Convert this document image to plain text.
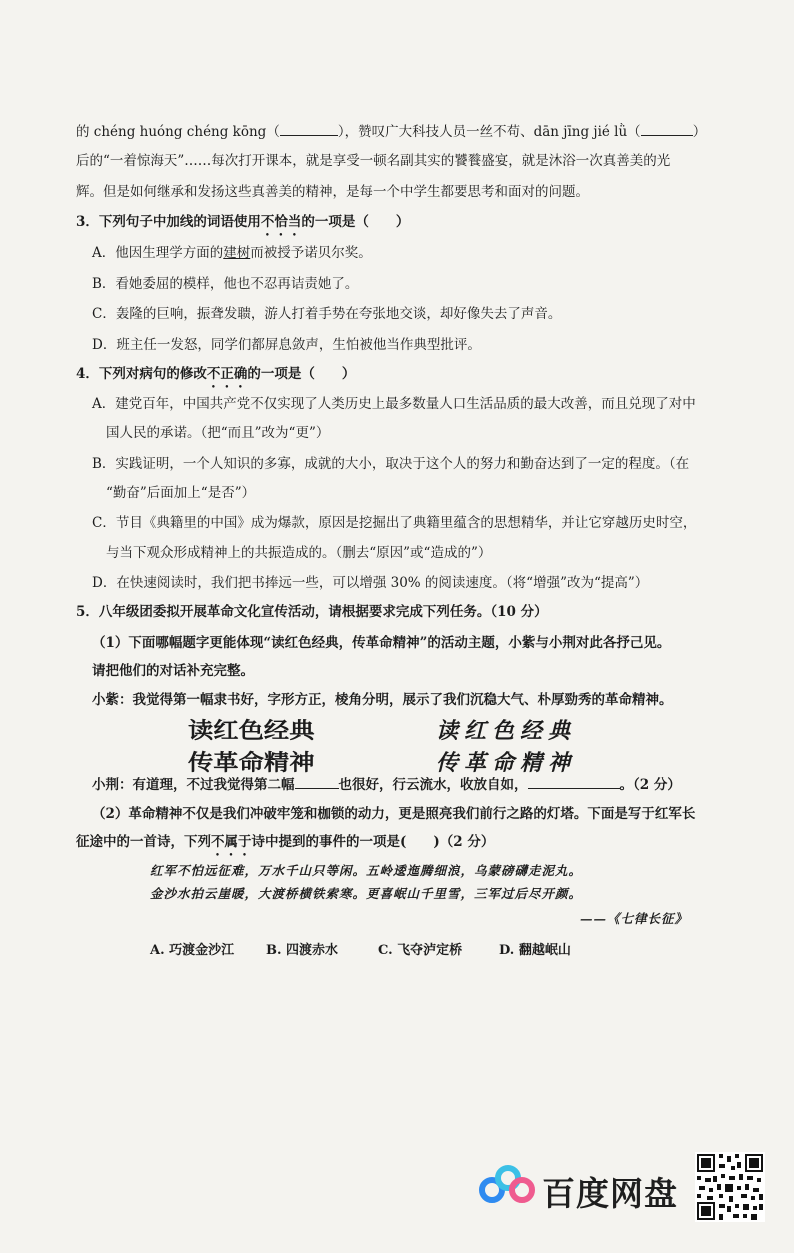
的 chéng huóng chéng kōng（	），赞叹广大科技人员一丝不苟、dān jīng jié lǜ（	）
后的“一着惊海天”……每次打开课本，就是享受一顿名副其实的饕餮盛宴，就是沐浴一次真善美的光
辉。但是如何继承和发扬这些真善美的精神，是每一个中学生都要思考和面对的问题。
3．下列句子中加线的词语使用不恰当的一项是（　　）
A．他因生理学方面的建树而被授予诺贝尔奖。
B．看她委屈的模样，他也不忍再诘责她了。
C．轰隆的巨响，振聋发聩，游人打着手势在夸张地交谈，却好像失去了声音。
D．班主任一发怒，同学们都屏息敛声，生怕被他当作典型批评。
4．下列对病句的修改不正确的一项是（　　）
A．建党百年，中国共产党不仅实现了人类历史上最多数量人口生活品质的最大改善，而且兑现了对中
国人民的承诺。（把“而且”改为“更”）
B．实践证明，一个人知识的多寡，成就的大小，取决于这个人的努力和勤奋达到了一定的程度。（在
“勤奋”后面加上“是否”）
C．节目《典籍里的中国》成为爆款，原因是挖掘出了典籍里蕴含的思想精华，并让它穿越历史时空，
与当下观众形成精神上的共振造成的。（删去“原因”或“造成的”）
D．在快速阅读时，我们把书捧远一些，可以增强 30% 的阅读速度。（将“增强”改为“提高”）
5．八年级团委拟开展革命文化宣传活动，请根据要求完成下列任务。（10 分）
（1）下面哪幅题字更能体现“读红色经典，传革命精神”的活动主题，小紫与小荆对此各抒己见。
请把他们的对话补充完整。
小紫：我觉得第一幅隶书好，字形方正，棱角分明，展示了我们沉稳大气、朴厚勁秀的革命精神。
读红色经典
传革命精神
读红色经典
传革命精神
小荆：有道理，不过我觉得第二幅	也很好，行云流水，收放自如，	。（2 分）
（2）革命精神不仅是我们冲破牢笼和枷锁的动力，更是照亮我们前行之路的灯塔。下面是写于红军长
征途中的一首诗，下列不属于诗中提到的事件的一项是(　　)（2 分）
红军不怕远征难，万水千山只等闲。五岭逶迤腾细浪，乌蒙磅礴走泥丸。
金沙水拍云崖暖，大渡桥横铁索寒。更喜岷山千里雪，三军过后尽开颜。
——《七律长征》
A. 巧渡金沙江 B. 四渡赤水	C. 飞夺泸定桥	D. 翻越岷山
百度网盘
